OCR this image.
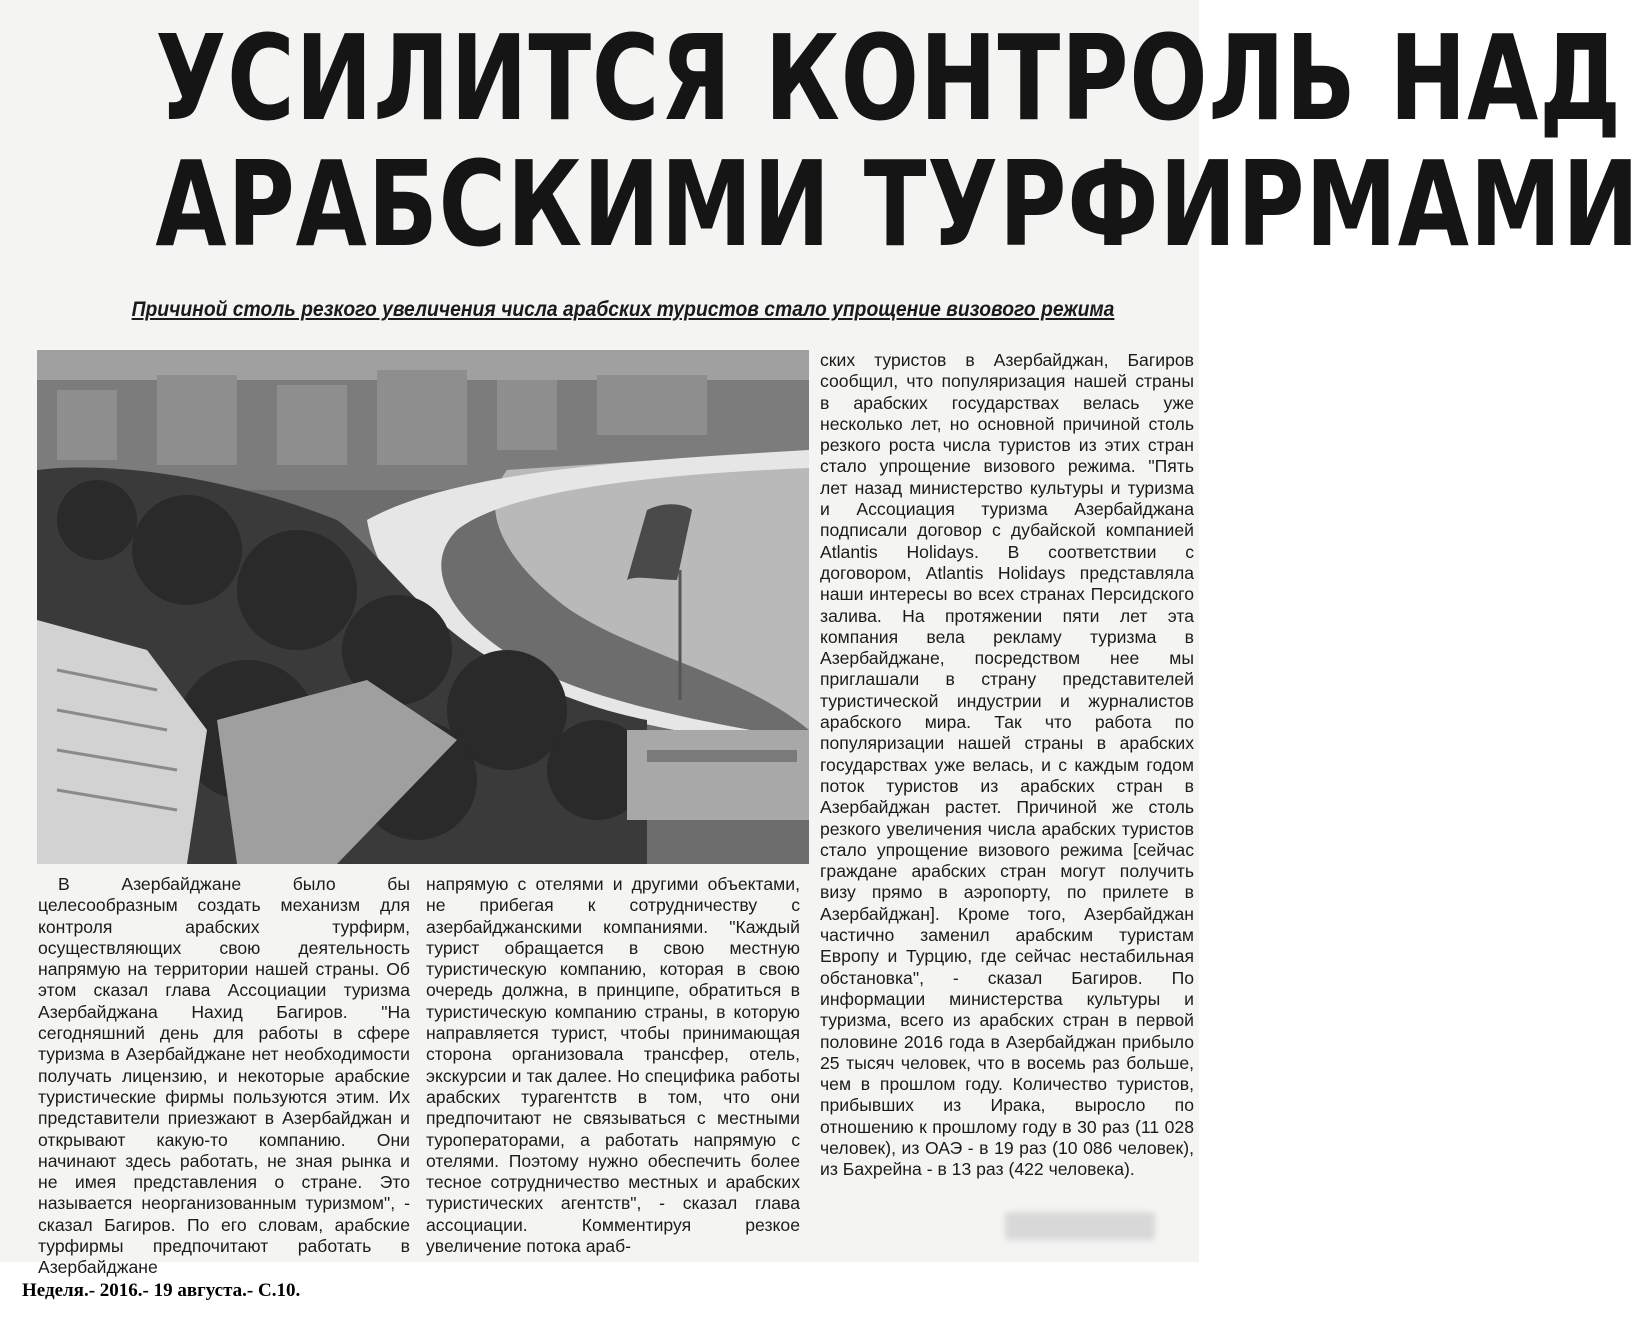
УСИЛИТСЯ КОНТРОЛЬ НАД
АРАБСКИМИ ТУРФИРМАМИ
Причиной столь резкого увеличения числа арабских туристов стало упрощение визового режима

В Азербайджане было бы целесообразным создать механизм для контроля арабских турфирм, осуществляющих свою деятельность напрямую на территории нашей страны. Об этом сказал глава Ассоциации туризма Азербайджана Нахид Багиров. "На сегодняшний день для работы в сфере туризма в Азербайджане нет необходимости получать лицензию, и некоторые арабские туристические фирмы пользуются этим. Их представители приезжают в Азербайджан и открывают какую-то компанию. Они начинают здесь работать, не зная рынка и не имея представления о стране. Это называется неорганизованным туризмом", - сказал Багиров. По его словам, арабские турфирмы предпочитают работать в Азербайджане

напрямую с отелями и другими объектами, не прибегая к сотрудничеству с азербайджанскими компаниями. "Каждый турист обращается в свою местную туристическую компанию, которая в свою очередь должна, в принципе, обратиться в туристическую компанию страны, в которую направляется турист, чтобы принимающая сторона организовала трансфер, отель, экскурсии и так далее. Но специфика работы арабских турагентств в том, что они предпочитают не связываться с местными туроператорами, а работать напрямую с отелями. Поэтому нужно обеспечить более тесное сотрудничество местных и арабских туристических агентств", - сказал глава ассоциации. Комментируя резкое увеличение потока араб-

ских туристов в Азербайджан, Багиров сообщил, что популяризация нашей страны в арабских государствах велась уже несколько лет, но основной причиной столь резкого роста числа туристов из этих стран стало упрощение визового режима. "Пять лет назад министерство культуры и туризма и Ассоциация туризма Азербайджана подписали договор с дубайской компанией Atlantis Holidays. В соответствии с договором, Atlantis Holidays представляла наши интересы во всех странах Персидского залива. На протяжении пяти лет эта компания вела рекламу туризма в Азербайджане, посредством нее мы приглашали в страну представителей туристической индустрии и журналистов арабского мира. Так что работа по популяризации нашей страны в арабских государствах уже велась, и с каждым годом поток туристов из арабских стран в Азербайджан растет. Причиной же столь резкого увеличения числа арабских туристов стало упрощение визового режима [сейчас граждане арабских стран могут получить визу прямо в аэропорту, по прилете в Азербайджан]. Кроме того, Азербайджан частично заменил арабским туристам Европу и Турцию, где сейчас нестабильная обстановка", - сказал Багиров. По информации министерства культуры и туризма, всего из арабских стран в первой половине 2016 года в Азербайджан прибыло 25 тысяч человек, что в восемь раз больше, чем в прошлом году. Количество туристов, прибывших из Ирака, выросло по отношению к прошлому году в 30 раз (11 028 человек), из ОАЭ - в 19 раз (10 086 человек), из Бахрейна - в 13 раз (422 человека).

Неделя.- 2016.- 19 августа.- С.10.
